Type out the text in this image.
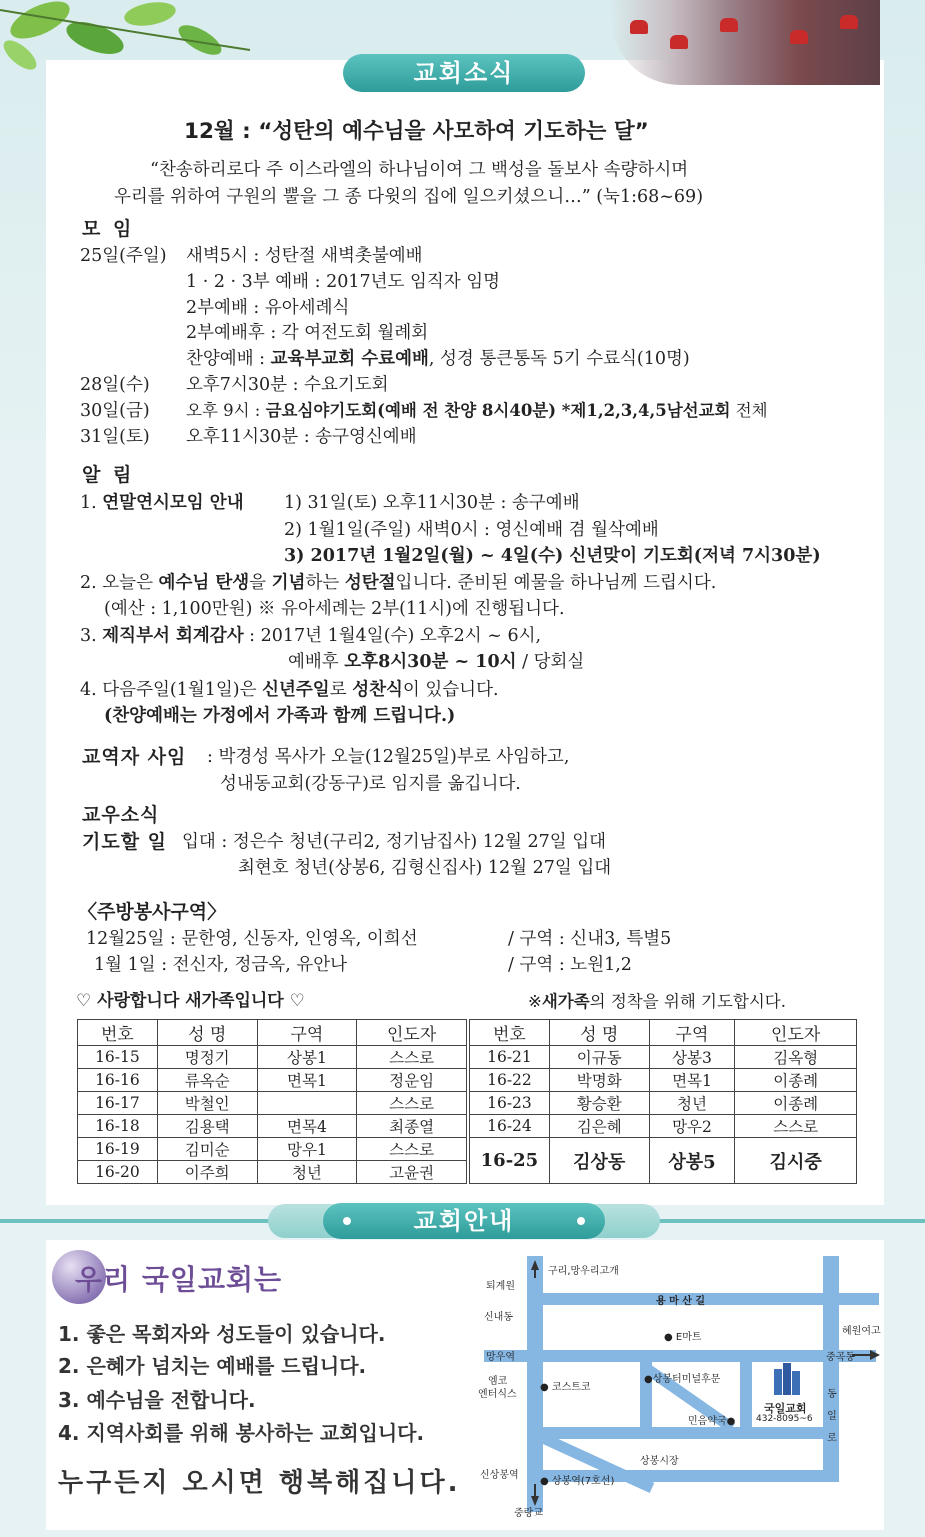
교회소식
12월 : “성탄의 예수님을 사모하여 기도하는 달”
“찬송하리로다 주 이스라엘의 하나님이여 그 백성을 돌보사 속량하시며
우리를 위하여 구원의 뿔을 그 종 다윗의 집에 일으키셨으니…” (눅1:68~69)
모 임
25일(주일) 새벽5시 : 성탄절 새벽촛불예배
1 · 2 · 3부 예배 : 2017년도 임직자 임명
2부예배 : 유아세례식
2부예배후 : 각 여전도회 월례회
찬양예배 : 교육부교회 수료예배, 성경 통큰통독 5기 수료식(10명)
28일(수) 오후7시30분 : 수요기도회
30일(금) 오후 9시 : 금요심야기도회(예배 전 찬양 8시40분) *제1,2,3,4,5남선교회 전체
31일(토) 오후11시30분 : 송구영신예배
알 림
1. 연말연시모임 안내 1) 31일(토) 오후11시30분 : 송구예배
2) 1월1일(주일) 새벽0시 : 영신예배 겸 월삭예배
3) 2017년 1월2일(월) ~ 4일(수) 신년맞이 기도회(저녁 7시30분)
2. 오늘은 예수님 탄생을 기념하는 성탄절입니다. 준비된 예물을 하나님께 드립시다.
(예산 : 1,100만원) ※ 유아세례는 2부(11시)에 진행됩니다.
3. 제직부서 회계감사 : 2017년 1월4일(수) 오후2시 ~ 6시,
예배후 오후8시30분 ~ 10시 / 당회실
4. 다음주일(1월1일)은 신년주일로 성찬식이 있습니다.
(찬양예배는 가정에서 가족과 함께 드립니다.)
교역자 사임 : 박경성 목사가 오늘(12월25일)부로 사임하고,
성내동교회(강동구)로 임지를 옮깁니다.
교우소식
기도할 일 입대 : 정은수 청년(구리2, 정기남집사) 12월 27일 입대
최현호 청년(상봉6, 김형신집사) 12월 27일 입대
〈주방봉사구역〉
12월25일 : 문한영, 신동자, 인영옥, 이희선	/ 구역 : 신내3, 특별5
1월 1일 : 전신자, 정금옥, 유안나	/ 구역 : 노원1,2
♡ 사랑합니다 새가족입니다 ♡	※새가족의 정착을 위해 기도합시다.
번호	성 명	구역	인도자
16-15	명정기	상봉1	스스로
16-16	류옥순	면목1	정운임
16-17	박철인		스스로
16-18	김용택	면목4	최종열
16-19	김미순	망우1	스스로
16-20	이주희	청년	고윤권
번호	성 명	구역	인도자
16-21	이규동	상봉3	김옥형
16-22	박명화	면목1	이종례
16-23	황승환	청년	이종례
16-24	김은혜	망우2	스스로
16-25	김상동	상봉5	김시중
교회안내
우리 국일교회는
1. 좋은 목회자와 성도들이 있습니다.
2. 은혜가 넘치는 예배를 드립니다.
3. 예수님을 전합니다.
4. 지역사회를 위해 봉사하는 교회입니다.
누구든지 오시면 행복해집니다.
구리,망우리고개
퇴계원
용 마 산 길
신내동
● E마트
혜원여고
망우역	중곡동
엠코
엔터식스
● 코스트코
●상봉터미널후문
국일교회
432-8095~6
민음약국●
동일로
상봉시장
신상봉역
● 상봉역(7호선)
중랑교
